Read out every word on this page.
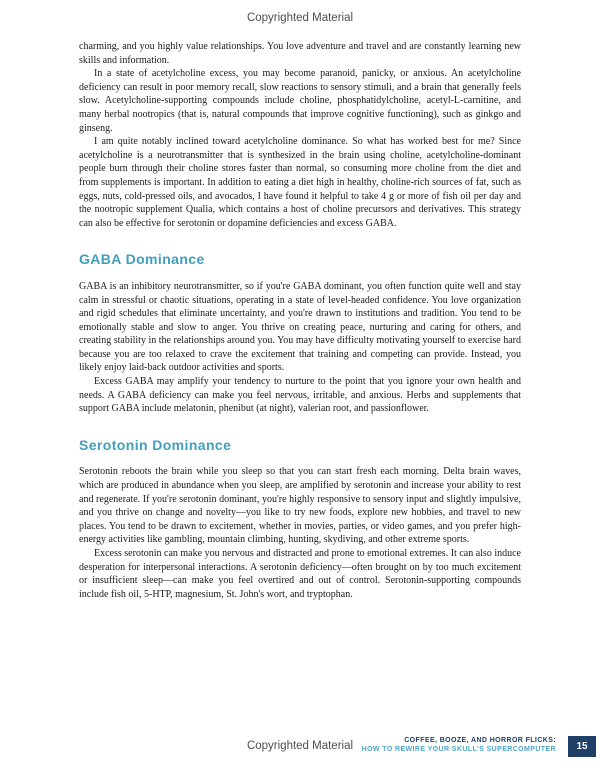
Copyrighted Material

charming, and you highly value relationships. You love adventure and travel and are constantly learning new skills and information.

In a state of acetylcholine excess, you may become paranoid, panicky, or anxious. An acetylcholine deficiency can result in poor memory recall, slow reactions to sensory stimuli, and a brain that generally feels slow. Acetylcholine-supporting compounds include choline, phosphatidylcholine, acetyl-L-carnitine, and many herbal nootropics (that is, natural compounds that improve cognitive functioning), such as ginkgo and ginseng.

I am quite notably inclined toward acetylcholine dominance. So what has worked best for me? Since acetylcholine is a neurotransmitter that is synthesized in the brain using choline, acetylcholine-dominant people burn through their choline stores faster than normal, so consuming more choline from the diet and from supplements is important. In addition to eating a diet high in healthy, choline-rich sources of fat, such as eggs, nuts, cold-pressed oils, and avocados, I have found it helpful to take 4 g or more of fish oil per day and the nootropic supplement Qualia, which contains a host of choline precursors and derivatives. This strategy can also be effective for serotonin or dopamine deficiencies and excess GABA.

GABA Dominance

GABA is an inhibitory neurotransmitter, so if you're GABA dominant, you often function quite well and stay calm in stressful or chaotic situations, operating in a state of level-headed confidence. You love organization and rigid schedules that eliminate uncertainty, and you're drawn to institutions and tradition. You tend to be emotionally stable and slow to anger. You thrive on creating peace, nurturing and caring for others, and creating stability in the relationships around you. You may have difficulty motivating yourself to exercise hard because you are too relaxed to crave the excitement that training and competing can provide. Instead, you likely enjoy laid-back outdoor activities and sports.

Excess GABA may amplify your tendency to nurture to the point that you ignore your own health and needs. A GABA deficiency can make you feel nervous, irritable, and anxious. Herbs and supplements that support GABA include melatonin, phenibut (at night), valerian root, and passionflower.

Serotonin Dominance

Serotonin reboots the brain while you sleep so that you can start fresh each morning. Delta brain waves, which are produced in abundance when you sleep, are amplified by serotonin and increase your ability to rest and regenerate. If you're serotonin dominant, you're highly responsive to sensory input and slightly impulsive, and you thrive on change and novelty—you like to try new foods, explore new hobbies, and travel to new places. You tend to be drawn to excitement, whether in movies, parties, or video games, and you prefer high-energy activities like gambling, mountain climbing, hunting, skydiving, and other extreme sports.

Excess serotonin can make you nervous and distracted and prone to emotional extremes. It can also induce desperation for interpersonal interactions. A serotonin deficiency—often brought on by too much excitement or insufficient sleep—can make you feel overtired and out of control. Serotonin-supporting compounds include fish oil, 5-HTP, magnesium, St. John's wort, and tryptophan.

Copyrighted Material	COFFEE, BOOZE, AND HORROR FLICKS:
HOW TO REWIRE YOUR SKULL'S SUPERCOMPUTER	15
